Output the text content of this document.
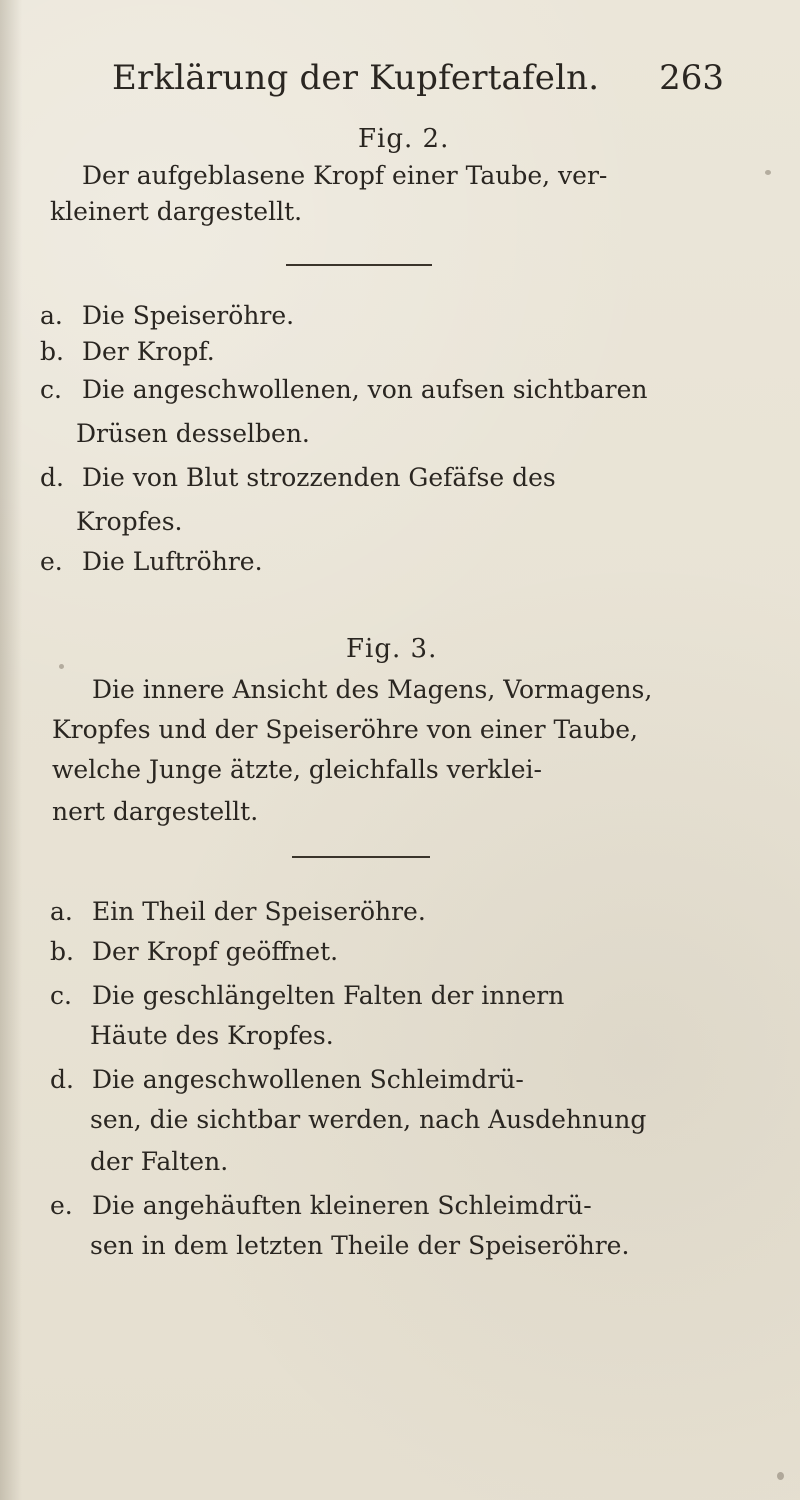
Erklärung der Kupfertafeln. 263
Fig. 2.
Der aufgeblasene Kropf einer Taube, ver-
kleinert dargestellt.
a. Die Speiseröhre.
b. Der Kropf.
c. Die angeschwollenen, von aufsen sichtbaren
Drüsen desselben.
d. Die von Blut strozzenden Gefäfse des
Kropfes.
e. Die Luftröhre.
Fig. 3.
Die innere Ansicht des Magens, Vormagens,
Kropfes und der Speiseröhre von einer Taube,
welche Junge ätzte, gleichfalls verklei-
nert dargestellt.
a. Ein Theil der Speiseröhre.
b. Der Kropf geöffnet.
c. Die geschlängelten Falten der innern
Häute des Kropfes.
d. Die angeschwollenen Schleimdrü-
sen, die sichtbar werden, nach Ausdehnung
der Falten.
e. Die angehäuften kleineren Schleimdrü-
sen in dem letzten Theile der Speiseröhre.
